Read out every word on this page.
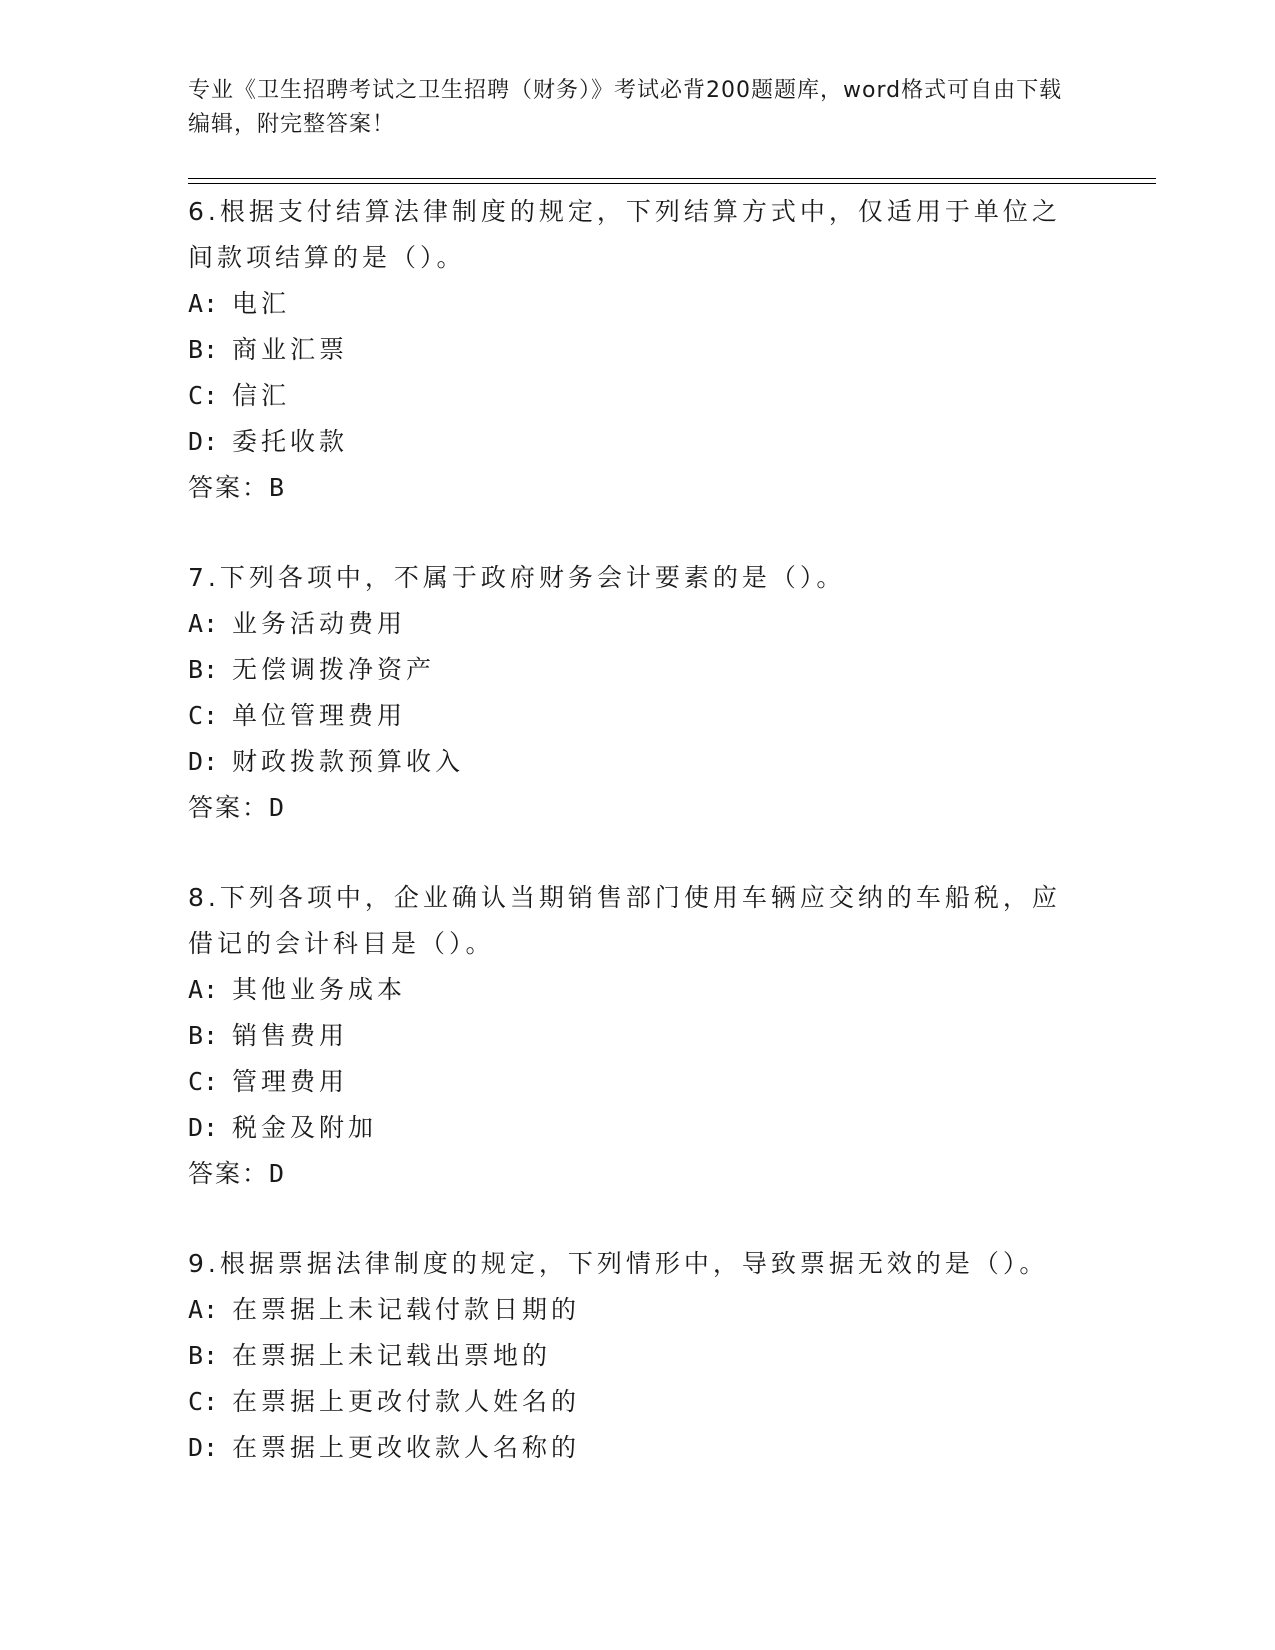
专业《卫生招聘考试之卫生招聘（财务）》考试必背200题题库，word格式可自由下载编辑，附完整答案！

6.根据支付结算法律制度的规定，下列结算方式中，仅适用于单位之间款项结算的是（）。

A: 电汇
B: 商业汇票
C: 信汇
D: 委托收款

答案：B

7.下列各项中，不属于政府财务会计要素的是（）。

A: 业务活动费用
B: 无偿调拨净资产
C: 单位管理费用
D: 财政拨款预算收入

答案：D

8.下列各项中，企业确认当期销售部门使用车辆应交纳的车船税，应借记的会计科目是（）。

A: 其他业务成本
B: 销售费用
C: 管理费用
D: 税金及附加

答案：D

9.根据票据法律制度的规定，下列情形中，导致票据无效的是（）。

A: 在票据上未记载付款日期的
B: 在票据上未记载出票地的
C: 在票据上更改付款人姓名的
D: 在票据上更改收款人名称的
